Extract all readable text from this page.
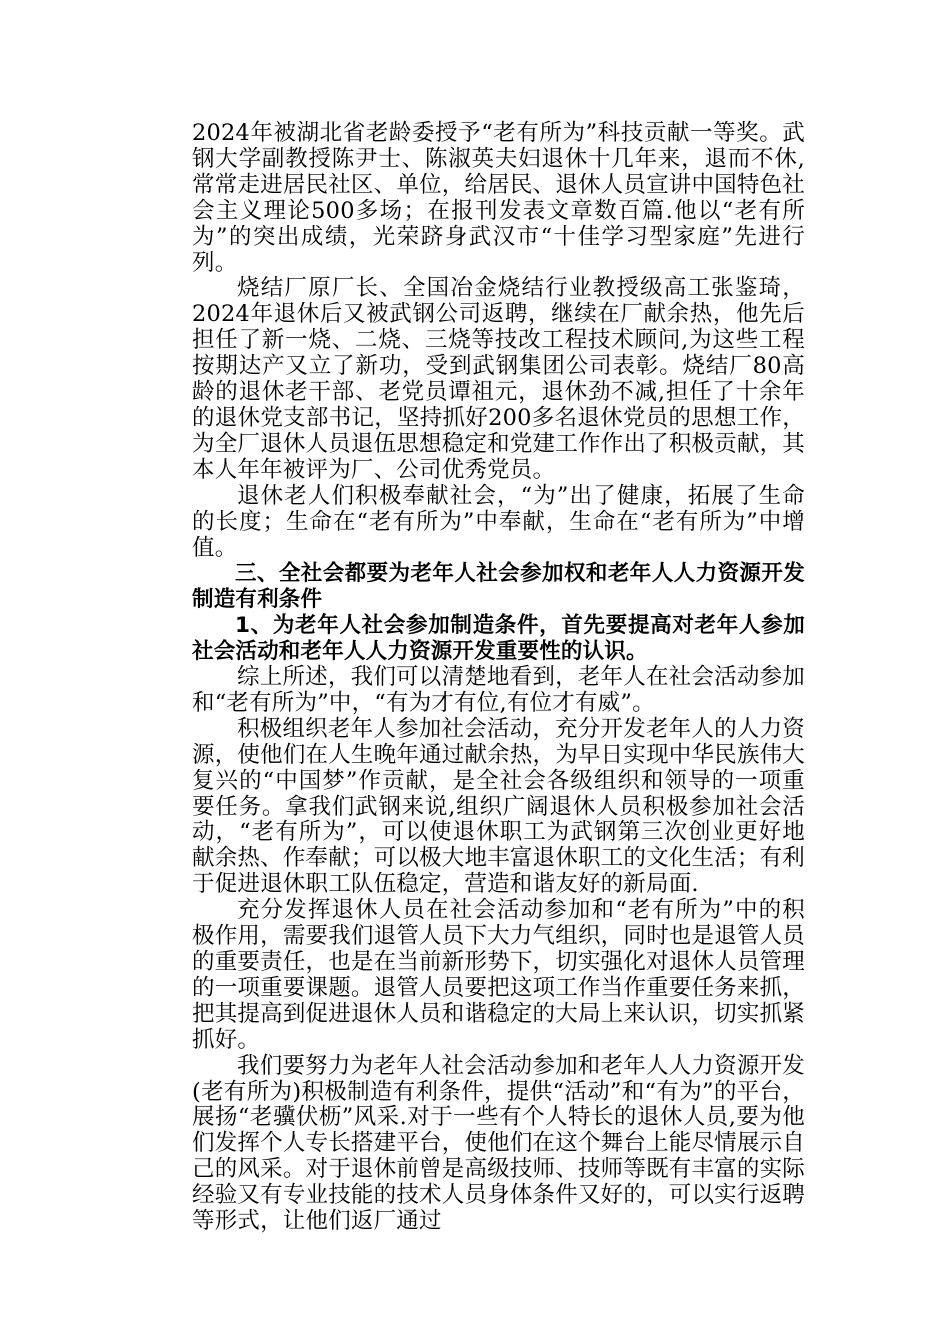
2024年被湖北省老龄委授予“老有所为”科技贡献一等奖。武钢大学副教授陈尹士、陈淑英夫妇退休十几年来，退而不休,常常走进居民社区、单位，给居民、退休人员宣讲中国特色社会主义理论500多场；在报刊发表文章数百篇.他以“老有所为”的突出成绩，光荣跻身武汉市“十佳学习型家庭”先进行列。

烧结厂原厂长、全国冶金烧结行业教授级高工张鉴琦，2024年退休后又被武钢公司返聘，继续在厂献余热，他先后担任了新一烧、二烧、三烧等技改工程技术顾问,为这些工程按期达产又立了新功，受到武钢集团公司表彰。烧结厂80高龄的退休老干部、老党员谭祖元，退休劲不减,担任了十余年的退休党支部书记，坚持抓好200多名退休党员的思想工作，为全厂退休人员退伍思想稳定和党建工作作出了积极贡献，其本人年年被评为厂、公司优秀党员。

退休老人们积极奉献社会，“为”出了健康，拓展了生命的长度；生命在“老有所为”中奉献，生命在“老有所为”中增值。

三、全社会都要为老年人社会参加权和老年人人力资源开发制造有利条件

1、为老年人社会参加制造条件，首先要提高对老年人参加社会活动和老年人人力资源开发重要性的认识。

综上所述，我们可以清楚地看到，老年人在社会活动参加和“老有所为”中，“有为才有位,有位才有威”。

积极组织老年人参加社会活动，充分开发老年人的人力资源，使他们在人生晚年通过献余热，为早日实现中华民族伟大复兴的“中国梦”作贡献，是全社会各级组织和领导的一项重要任务。拿我们武钢来说,组织广阔退休人员积极参加社会活动，“老有所为”，可以使退休职工为武钢第三次创业更好地献余热、作奉献；可以极大地丰富退休职工的文化生活；有利于促进退休职工队伍稳定，营造和谐友好的新局面.

充分发挥退休人员在社会活动参加和“老有所为”中的积极作用，需要我们退管人员下大力气组织，同时也是退管人员的重要责任，也是在当前新形势下，切实强化对退休人员管理的一项重要课题。退管人员要把这项工作当作重要任务来抓，把其提高到促进退休人员和谐稳定的大局上来认识，切实抓紧抓好。

我们要努力为老年人社会活动参加和老年人人力资源开发(老有所为)积极制造有利条件，提供“活动”和“有为”的平台，展扬“老骥伏枥”风采.对于一些有个人特长的退休人员,要为他们发挥个人专长搭建平台，使他们在这个舞台上能尽情展示自己的风采。对于退休前曾是高级技师、技师等既有丰富的实际经验又有专业技能的技术人员身体条件又好的，可以实行返聘等形式，让他们返厂通过
